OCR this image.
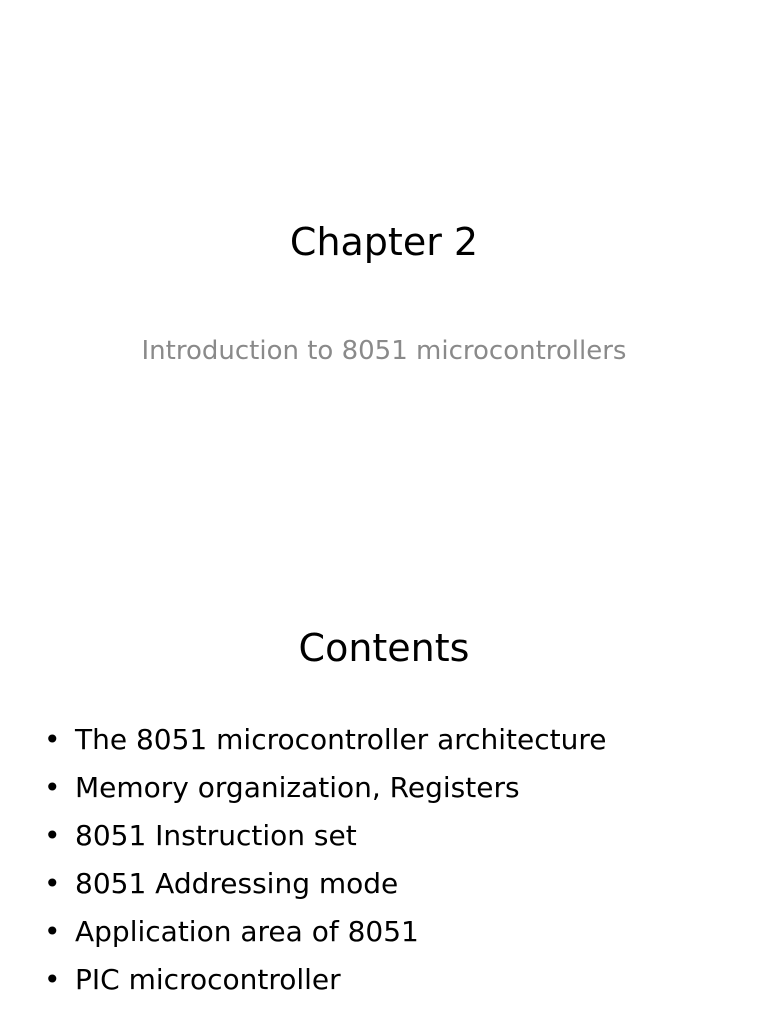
Chapter 2

Introduction to 8051 microcontrollers

Contents
• The 8051 microcontroller architecture
• Memory organization, Registers
• 8051 Instruction set
• 8051 Addressing mode
• Application area of 8051
• PIC microcontroller
